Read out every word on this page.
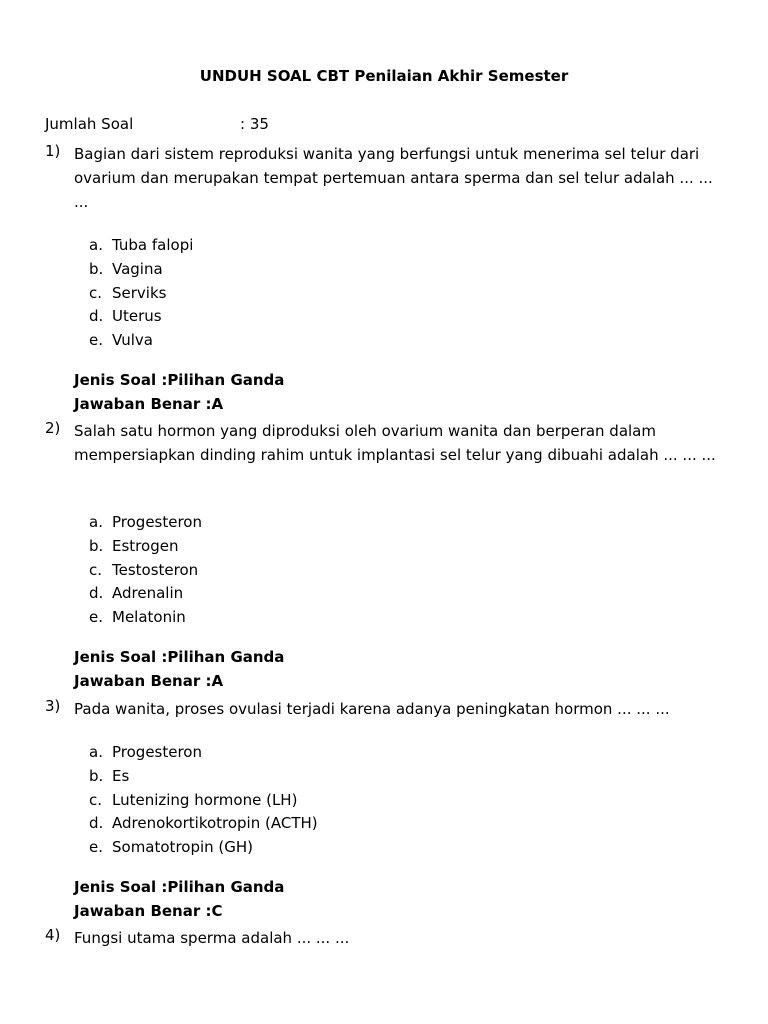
UNDUH SOAL CBT Penilaian Akhir Semester
Jumlah Soal	: 35
1) Bagian dari sistem reproduksi wanita yang berfungsi untuk menerima sel telur dari ovarium dan merupakan tempat pertemuan antara sperma dan sel telur adalah ... ... ...
a. Tuba falopi
b. Vagina
c. Serviks
d. Uterus
e. Vulva
Jenis Soal :Pilihan Ganda
Jawaban Benar :A
2) Salah satu hormon yang diproduksi oleh ovarium wanita dan berperan dalam mempersiapkan dinding rahim untuk implantasi sel telur yang dibuahi adalah ... ... ...
a. Progesteron
b. Estrogen
c. Testosteron
d. Adrenalin
e. Melatonin
Jenis Soal :Pilihan Ganda
Jawaban Benar :A
3) Pada wanita, proses ovulasi terjadi karena adanya peningkatan hormon ... ... ...
a. Progesteron
b. Es
c. Lutenizing hormone (LH)
d. Adrenokortikotropin (ACTH)
e. Somatotropin (GH)
Jenis Soal :Pilihan Ganda
Jawaban Benar :C
4) Fungsi utama sperma adalah ... ... ...
